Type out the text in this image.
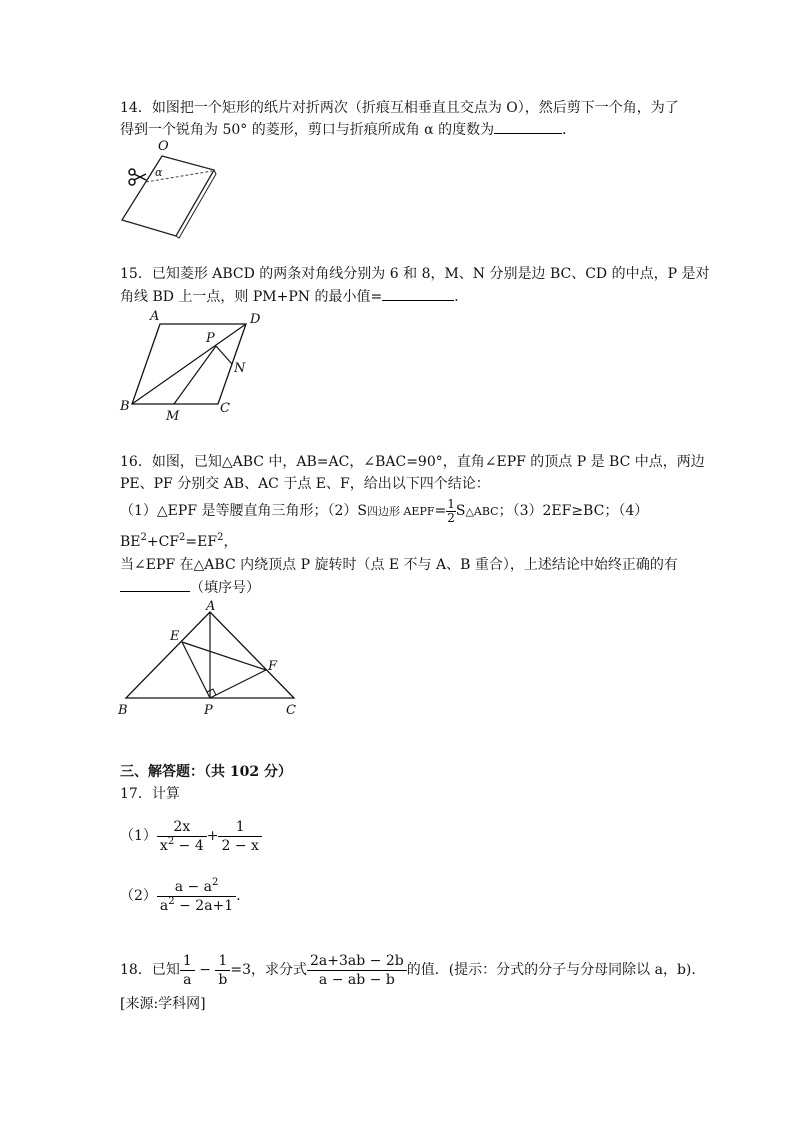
14．如图把一个矩形的纸片对折两次（折痕互相垂直且交点为 O），然后剪下一个角，为了
得到一个锐角为 50° 的菱形，剪口与折痕所成角 α 的度数为	．
O
α
15．已知菱形 ABCD 的两条对角线分别为 6 和 8，M、N 分别是边 BC、CD 的中点，P 是对
角线 BD 上一点，则 PM+PN 的最小值=	．
A	D
P
N
B
M
C
16．如图，已知△ABC 中，AB=AC，∠BAC=90°，直角∠EPF 的顶点 P 是 BC 中点，两边
PE、PF 分别交 AB、AC 于点 E、F，给出以下四个结论：
（1）△EPF 是等腰直角三角形；（2）S四边形 AEPF= $\frac{1}{2}$ S△ABC；（3）2EF≥BC；（4）
$BE^2+CF^2=EF^2$，
当∠EPF 在△ABC 内绕顶点 P 旋转时（点 E 不与 A、B 重合），上述结论中始终正确的有
（填序号）
A
E
F
B	P	C
三、解答题：（共 102 分）
17．计算
$(1) \frac{2x}{x^2 - 4} + \frac{1}{2 - x}$
$(2) \frac{a - a^2}{a^2 - 2a+1}$ ．
18．已知 $\frac{1}{a} - \frac{1}{b} =3$，求分式 $\frac{2a+3ab - 2b}{a - ab - b}$ 的值．(提示：分式的分子与分母同除以 a，b)．
[来源:学科网]
